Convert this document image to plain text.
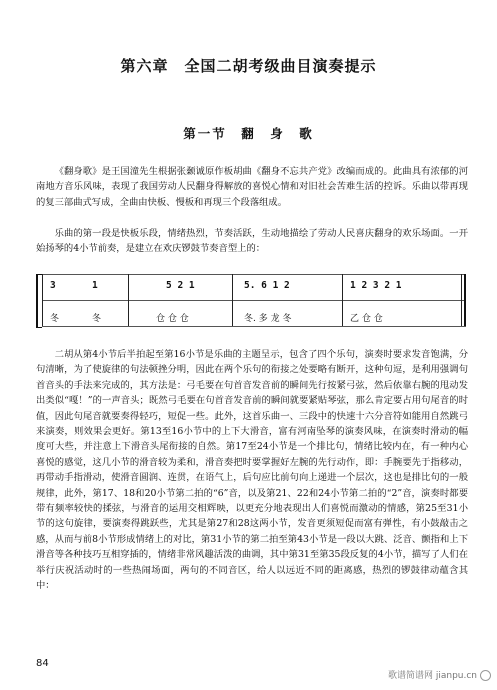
第六章　全国二胡考级曲目演奏提示
第一节　翻　身　歌

《翻身歌》是王国潼先生根据张颡诚原作板胡曲《翻身不忘共产党》改编而成的。此曲具有浓郁的河南地方音乐风味，表现了我国劳动人民翻身得解放的喜悦心情和对旧社会苦难生活的控诉。乐曲以带再现的复三部曲式写成，全曲由快板、慢板和再现三个段落组成。

乐曲的第一段是快板乐段，情绪热烈，节奏活跃，生动地描绘了劳动人民喜庆翻身的欢乐场面。一开始扬琴的4小节前奏，是建立在欢庆锣鼓节奏音型上的：

3	1	5 2 1	5. 6 1 2	1 2 3 2 1
冬	冬	仓 仓 仓	冬. 多 龙 冬	乙 仓 仓

二胡从第4小节后半拍起至第16小节是乐曲的主题呈示，包含了四个乐句，演奏时要求发音饱满，分句清晰，为了使旋律的句法顿挫分明，因此在两个乐句的衔接之处要略有断开，这种句逗，是利用强调句首音头的手法来完成的，其方法是：弓毛要在句首音发音前的瞬间先行按紧弓弦，然后依靠右腕的甩动发出类似“嘎！”的一声音头；既然弓毛要在句首音发音前的瞬间就要紧贴琴弦，那么肯定要占用句尾音的时值，因此句尾音就要奏得轻巧，短促一些。此外，这首乐曲一、三段中的快速十六分音符如能用自然跳弓来演奏，则效果会更好。第13至16小节中的上下大滑音，富有河南坠琴的演奏风味，在演奏时滑动的幅度可大些，并注意上下滑音头尾衔接的自然。第17至24小节是一个排比句，情绪比较内在，有一种内心喜悦的感觉，这几小节的滑音较为柔和，滑音奏把时要掌握好左腕的先行动作，即：手腕要先于指移动，再带动手指滑动，使滑音圆润、连贯，在语气上，后句应比前句向上递进一个层次，这也是排比句的一般规律，此外，第17、18和20小节第二拍的“6”音，以及第21、22和24小节第二拍的“2”音，演奏时都要带有频率较快的揉弦，与滑音的运用交相辉映，以更充分地表现出人们喜悦而激动的情感，第25至31小节的这句旋律，要演奏得跳跃些，尤其是第27和28这两小节，发音更须短促而富有弹性，有小鼓敲击之感，从而与前8小节形成情绪上的对比，第31小节的第二拍至第43小节是一段以大跳、泛音、颤指和上下滑音等各种技巧互相穿插的，情绪非常风趣活泼的曲调，其中第31至第35段反复的4小节，描写了人们在举行庆祝活动时的一些热闹场面，两句的不同音区，给人以远近不同的距离感，热烈的锣鼓律动蕴含其中：

84
歌谱简谱网 jianpu.cn
